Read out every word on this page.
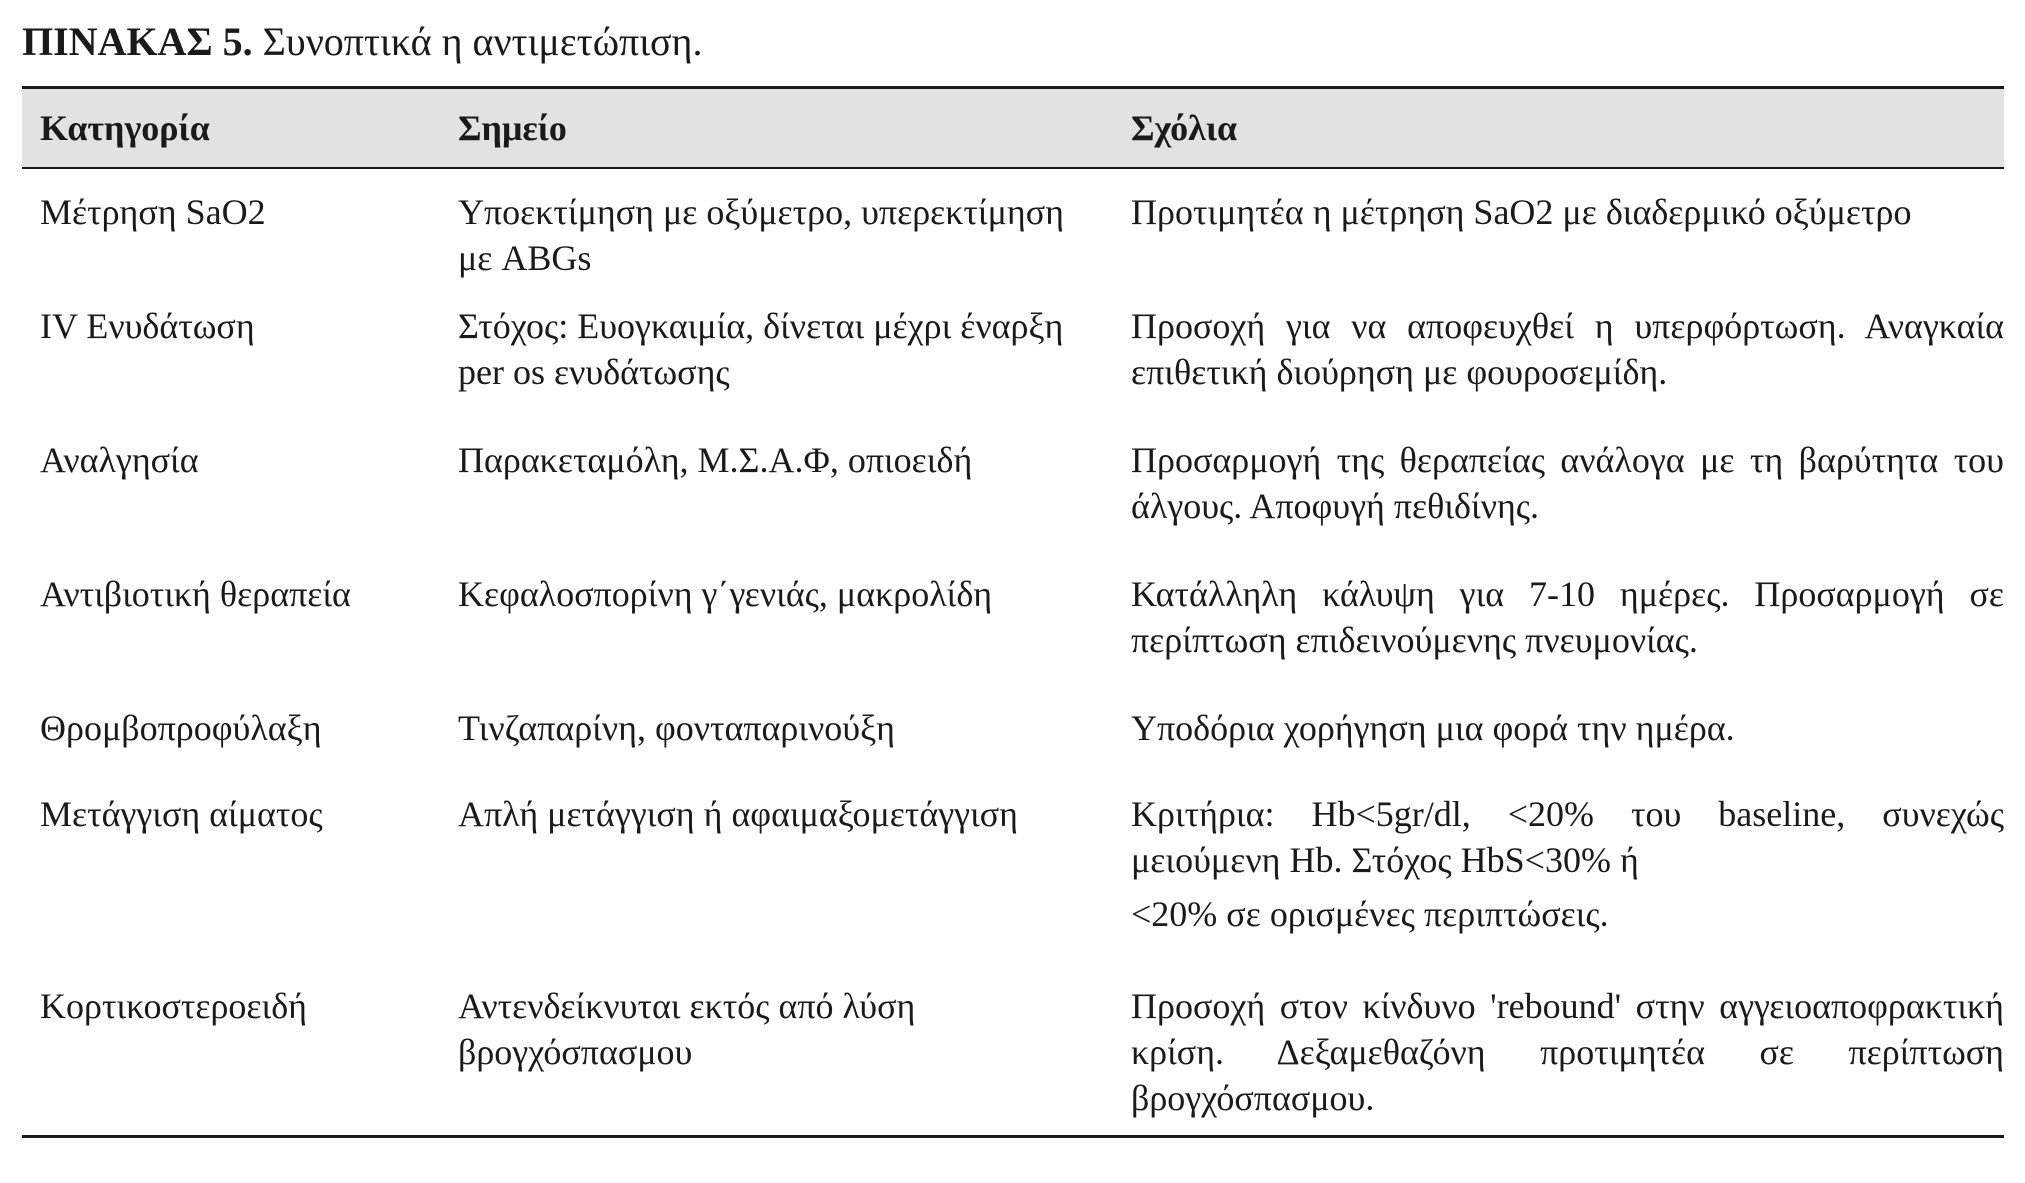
ΠΙΝΑΚΑΣ 5. Συνοπτικά η αντιμετώπιση.
Κατηγορία	Σημείο	Σχόλια
Μέτρηση SaO2	Υποεκτίμηση με οξύμετρο, υπερεκτίμηση με ABGs	Προτιμητέα η μέτρηση SaO2 με διαδερμικό οξύμετρο
IV Ενυδάτωση	Στόχος: Ευογκαιμία, δίνεται μέχρι έναρξη per os ενυδάτωσης	Προσοχή για να αποφευχθεί η υπερφόρτωση. Αναγκαία επιθετική διούρηση με φουροσεμίδη.
Αναλγησία	Παρακεταμόλη, Μ.Σ.Α.Φ, οπιοειδή	Προσαρμογή της θεραπείας ανάλογα με τη βαρύτητα του άλγους. Αποφυγή πεθιδίνης.
Αντιβιοτική θεραπεία	Κεφαλοσπορίνη γ΄γενιάς, μακρολίδη	Κατάλληλη κάλυψη για 7-10 ημέρες. Προσαρμογή σε περίπτωση επιδεινούμενης πνευμονίας.
Θρομβοπροφύλαξη	Τινζαπαρίνη, φονταπαρινούξη	Υποδόρια χορήγηση μια φορά την ημέρα.
Μετάγγιση αίματος	Απλή μετάγγιση ή αφαιμαξομετάγγιση	Κριτήρια: Hb<5gr/dl, <20% του baseline, συνεχώς μειούμενη Hb. Στόχος HbS<30% ή
<20% σε ορισμένες περιπτώσεις.

Κορτικοστεροειδή	Αντενδείκνυται εκτός από λύση βρογχόσπασμου	Προσοχή στον κίνδυνο 'rebound' στην αγγειοαποφρακτική κρίση. Δεξαμεθαζόνη προτιμητέα σε περίπτωση βρογχόσπασμου.
